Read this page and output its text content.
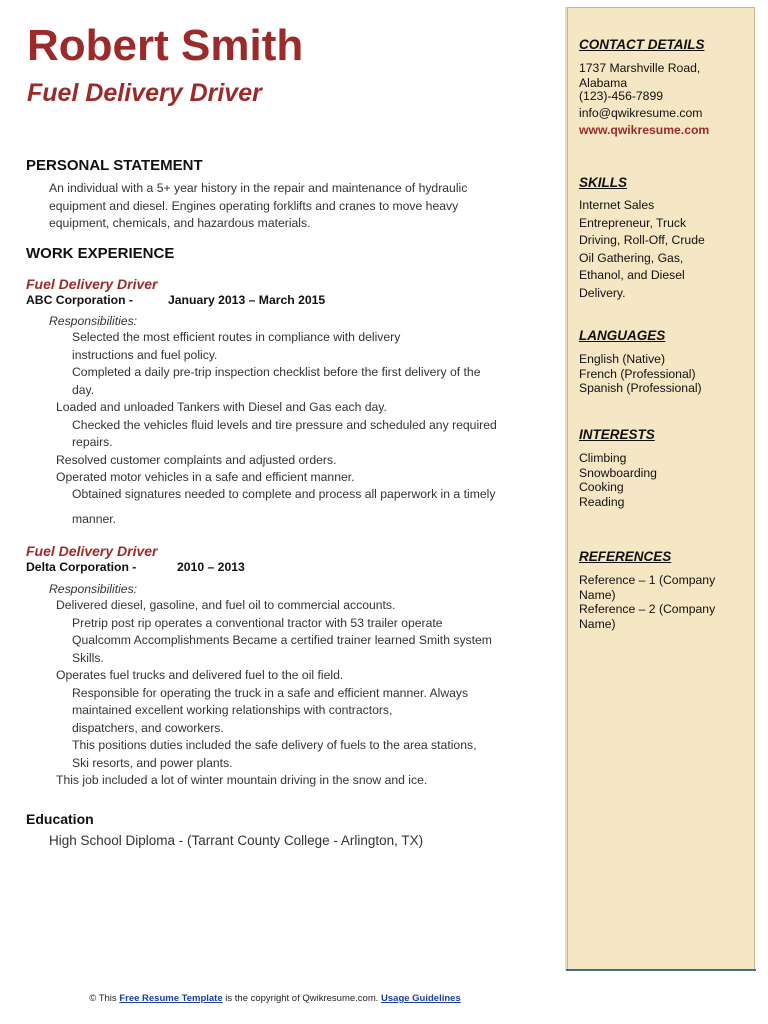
Robert Smith
Fuel Delivery Driver
PERSONAL STATEMENT
An individual with a 5+ year history in the repair and maintenance of hydraulic
equipment and diesel. Engines operating forklifts and cranes to move heavy
equipment, chemicals, and hazardous materials.
WORK EXPERIENCE
Fuel Delivery Driver
ABC Corporation -	January 2013 – March 2015
Responsibilities:
Selected the most efficient routes in compliance with delivery
instructions and fuel policy.
Completed a daily pre-trip inspection checklist before the first delivery of the
day.
Loaded and unloaded Tankers with Diesel and Gas each day.
Checked the vehicles fluid levels and tire pressure and scheduled any required
repairs.
Resolved customer complaints and adjusted orders.
Operated motor vehicles in a safe and efficient manner.
Obtained signatures needed to complete and process all paperwork in a timely
manner.
Fuel Delivery Driver
Delta Corporation -	2010 – 2013
Responsibilities:
Delivered diesel, gasoline, and fuel oil to commercial accounts.
Pretrip post rip operates a conventional tractor with 53 trailer operate
Qualcomm Accomplishments Became a certified trainer learned Smith system
Skills.
Operates fuel trucks and delivered fuel to the oil field.
Responsible for operating the truck in a safe and efficient manner. Always
maintained excellent working relationships with contractors,
dispatchers, and coworkers.
This positions duties included the safe delivery of fuels to the area stations,
Ski resorts, and power plants.
This job included a lot of winter mountain driving in the snow and ice.
Education
High School Diploma - (Tarrant County College - Arlington, TX)
CONTACT DETAILS
1737 Marshville Road,
Alabama
(123)-456-7899
info@qwikresume.com
www.qwikresume.com
SKILLS
Internet Sales
Entrepreneur, Truck
Driving, Roll-Off, Crude
Oil Gathering, Gas,
Ethanol, and Diesel
Delivery.
LANGUAGES
English (Native)
French (Professional)
Spanish (Professional)
INTERESTS
Climbing
Snowboarding
Cooking
Reading
REFERENCES
Reference – 1 (Company
Name)
Reference – 2 (Company
Name)
© This Free Resume Template is the copyright of Qwikresume.com. Usage Guidelines
